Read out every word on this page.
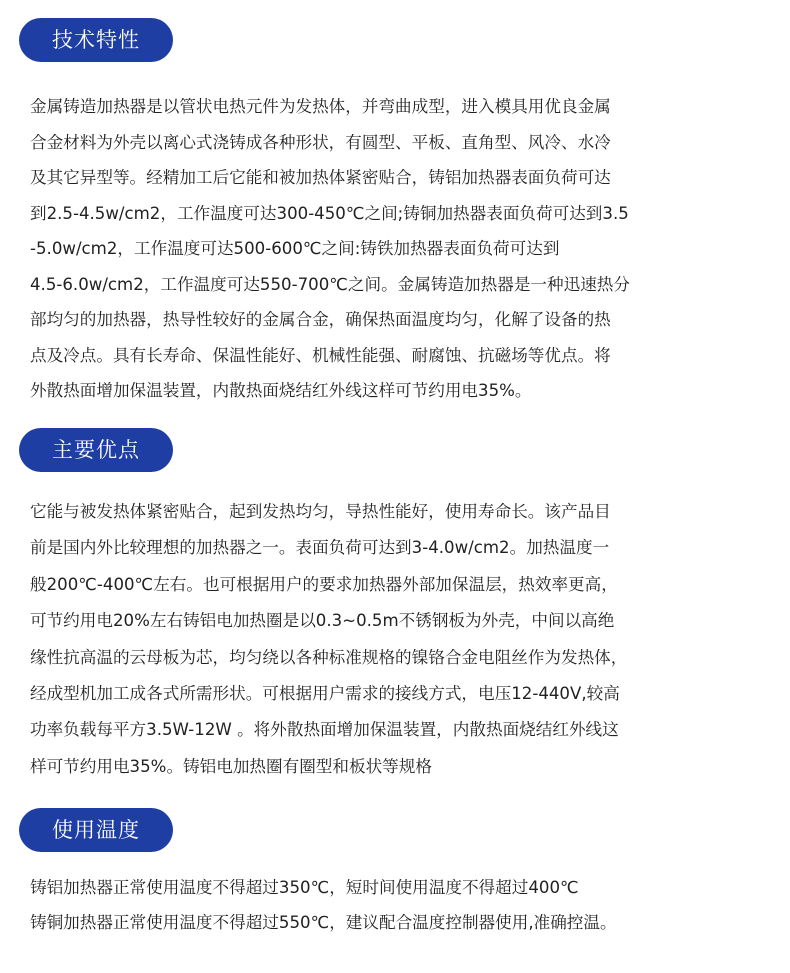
技术特性

金属铸造加热器是以管状电热元件为发热体，并弯曲成型，进入模具用优良金属
合金材料为外壳以离心式浇铸成各种形状，有圆型、平板、直角型、风冷、水冷
及其它异型等。经精加工后它能和被加热体紧密贴合，铸铝加热器表面负荷可达
到2.5-4.5w/cm2，工作温度可达300-450℃之间;铸铜加热器表面负荷可达到3.5
-5.0w/cm2，工作温度可达500-600℃之间:铸铁加热器表面负荷可达到
4.5-6.0w/cm2，工作温度可达550-700℃之间。金属铸造加热器是一种迅速热分
部均匀的加热器，热导性较好的金属合金，确保热面温度均匀，化解了设备的热
点及冷点。具有长寿命、保温性能好、机械性能强、耐腐蚀、抗磁场等优点。将
外散热面增加保温装置，内散热面烧结红外线这样可节约用电35%。

主要优点

它能与被发热体紧密贴合，起到发热均匀，导热性能好，使用寿命长。该产品目
前是国内外比较理想的加热器之一。表面负荷可达到3-4.0w/cm2。加热温度一
般200℃-400℃左右。也可根据用户的要求加热器外部加保温层，热效率更高，
可节约用电20%左右铸铝电加热圈是以0.3~0.5m不锈钢板为外壳，中间以高绝
缘性抗高温的云母板为芯，均匀绕以各种标准规格的镍铬合金电阻丝作为发热体，
经成型机加工成各式所需形状。可根据用户需求的接线方式，电压12-440V,较高
功率负载每平方3.5W-12W 。将外散热面增加保温装置，内散热面烧结红外线这
样可节约用电35%。铸铝电加热圈有圈型和板状等规格

使用温度

铸铝加热器正常使用温度不得超过350℃，短时间使用温度不得超过400℃
铸铜加热器正常使用温度不得超过550℃，建议配合温度控制器使用,准确控温。
